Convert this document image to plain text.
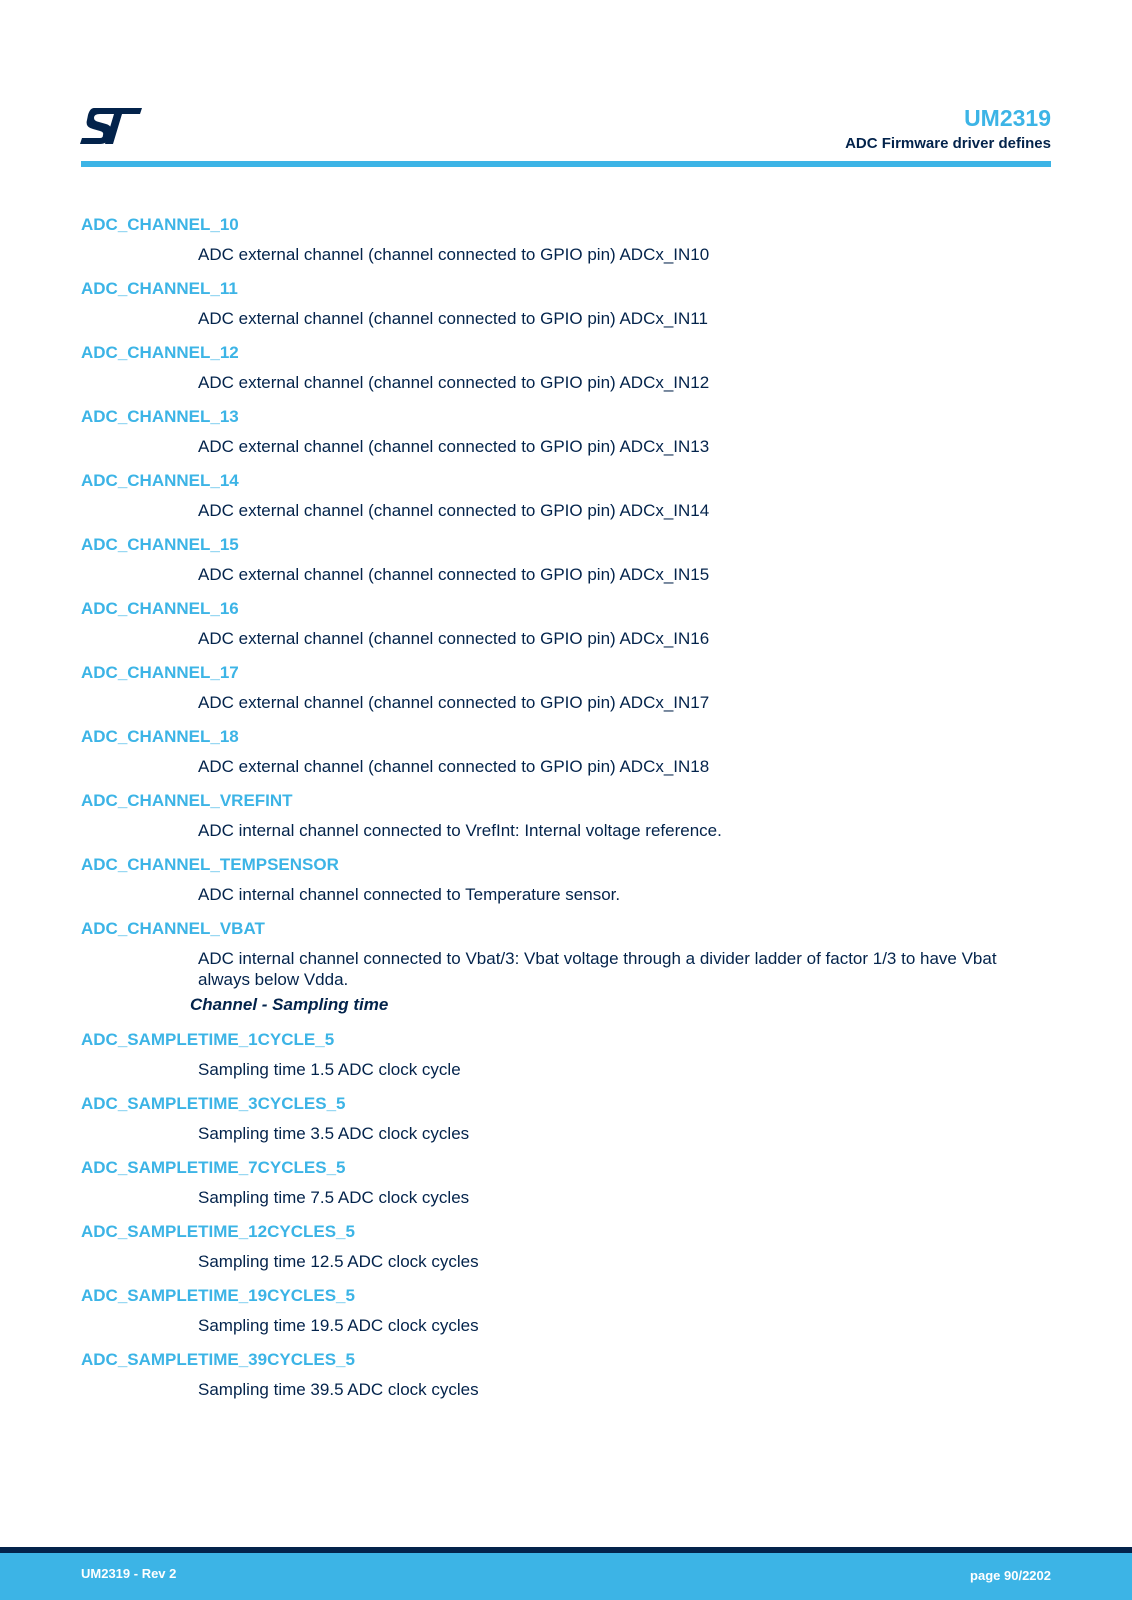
UM2319
ADC Firmware driver defines
ADC_CHANNEL_10
ADC external channel (channel connected to GPIO pin) ADCx_IN10
ADC_CHANNEL_11
ADC external channel (channel connected to GPIO pin) ADCx_IN11
ADC_CHANNEL_12
ADC external channel (channel connected to GPIO pin) ADCx_IN12
ADC_CHANNEL_13
ADC external channel (channel connected to GPIO pin) ADCx_IN13
ADC_CHANNEL_14
ADC external channel (channel connected to GPIO pin) ADCx_IN14
ADC_CHANNEL_15
ADC external channel (channel connected to GPIO pin) ADCx_IN15
ADC_CHANNEL_16
ADC external channel (channel connected to GPIO pin) ADCx_IN16
ADC_CHANNEL_17
ADC external channel (channel connected to GPIO pin) ADCx_IN17
ADC_CHANNEL_18
ADC external channel (channel connected to GPIO pin) ADCx_IN18
ADC_CHANNEL_VREFINT
ADC internal channel connected to VrefInt: Internal voltage reference.
ADC_CHANNEL_TEMPSENSOR
ADC internal channel connected to Temperature sensor.
ADC_CHANNEL_VBAT
ADC internal channel connected to Vbat/3: Vbat voltage through a divider ladder of factor 1/3 to have Vbat always below Vdda.
Channel - Sampling time
ADC_SAMPLETIME_1CYCLE_5
Sampling time 1.5 ADC clock cycle
ADC_SAMPLETIME_3CYCLES_5
Sampling time 3.5 ADC clock cycles
ADC_SAMPLETIME_7CYCLES_5
Sampling time 7.5 ADC clock cycles
ADC_SAMPLETIME_12CYCLES_5
Sampling time 12.5 ADC clock cycles
ADC_SAMPLETIME_19CYCLES_5
Sampling time 19.5 ADC clock cycles
ADC_SAMPLETIME_39CYCLES_5
Sampling time 39.5 ADC clock cycles
UM2319 - Rev 2	page 90/2202
